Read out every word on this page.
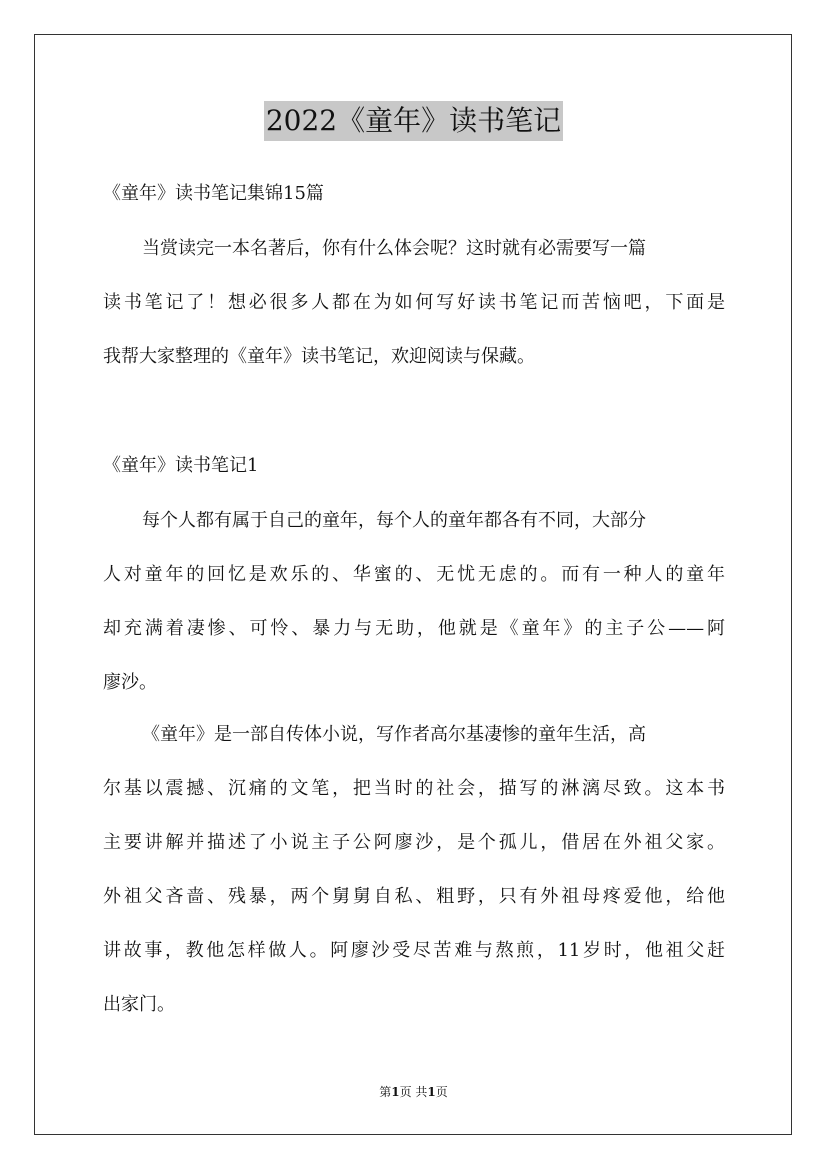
2022《童年》读书笔记
《童年》读书笔记集锦15篇
当赏读完一本名著后，你有什么体会呢？这时就有必需要写一篇
读书笔记了！想必很多人都在为如何写好读书笔记而苦恼吧，下面是
我帮大家整理的《童年》读书笔记，欢迎阅读与保藏。
《童年》读书笔记1
每个人都有属于自己的童年，每个人的童年都各有不同，大部分
人对童年的回忆是欢乐的、华蜜的、无忧无虑的。而有一种人的童年
却充满着凄惨、可怜、暴力与无助，他就是《童年》的主子公——阿
廖沙。
《童年》是一部自传体小说，写作者高尔基凄惨的童年生活，高
尔基以震撼、沉痛的文笔，把当时的社会，描写的淋漓尽致。这本书
主要讲解并描述了小说主子公阿廖沙，是个孤儿，借居在外祖父家。
外祖父吝啬、残暴，两个舅舅自私、粗野，只有外祖母疼爱他，给他
讲故事，教他怎样做人。阿廖沙受尽苦难与熬煎，11岁时，他祖父赶
出家门。
第1页 共1页
